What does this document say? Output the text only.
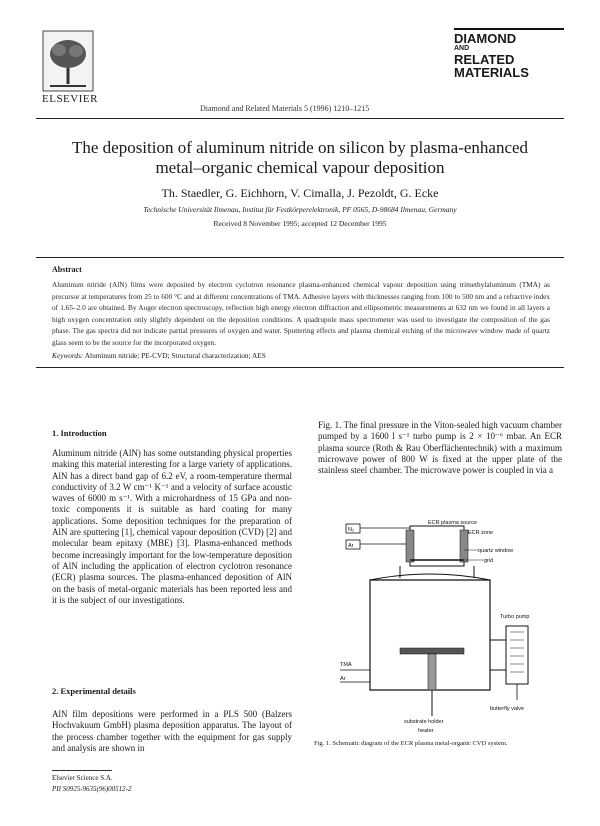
ELSEVIER
Diamond and Related Materials 5 (1996) 1210–1215
DIAMOND
AND
RELATED
MATERIALS
The deposition of aluminum nitride on silicon by plasma-enhanced
metal–organic chemical vapour deposition
Th. Staedler, G. Eichhorn, V. Cimalla, J. Pezoldt, G. Ecke
Technische Universität Ilmenau, Institut für Festkörperelektronik, PF 0565, D-98684 Ilmenau, Germany
Received 8 November 1995; accepted 12 December 1995
Abstract
Aluminum nitride (AlN) films were deposited by electron cyclotron resonance plasma-enhanced chemical vapour deposition using trimethylaluminum (TMA) as precursor at temperatures from 25 to 600 °C and at different concentrations of TMA. Adhesive layers with thicknesses ranging from 100 to 500 nm and a refractive index of 1.65–2.0 are obtained. By Auger electron spectroscopy, reflection high energy electron diffraction and ellipsometric measurements at 632 nm we found in all layers a high oxygen concentration only slightly dependent on the deposition conditions. A quadrupole mass spectrometer was used to investigate the composition of the gas phase. The gas spectra did not indicate partial pressures of oxygen and water. Sputtering effects and plasma chemical etching of the microwave window made of quartz glass seem to be the source for the incorporated oxygen.
Keywords: Aluminum nitride; PE-CVD; Structural characterization; AES
1. Introduction
Aluminum nitride (AlN) has some outstanding physical properties making this material interesting for a large variety of applications. AlN has a direct band gap of 6.2 eV, a room-temperature thermal conductivity of 3.2 W cm⁻¹ K⁻¹ and a velocity of surface acoustic waves of 6000 m s⁻¹. With a microhardness of 15 GPa and non-toxic components it is suitable as hard coating for many applications. Some deposition techniques for the preparation of AlN are sputtering [1], chemical vapour deposition (CVD) [2] and molecular beam epitaxy (MBE) [3]. Plasma-enhanced methods become increasingly important for the low-temperature deposition of AlN including the application of electron cyclotron resonance (ECR) plasma sources. The plasma-enhanced deposition of AlN on the basis of metal-organic materials has been reported less and it is the subject of our investigations.
2. Experimental details
AlN film depositions were performed in a PLS 500 (Balzers Hochvakuum GmbH) plasma deposition apparatus. The layout of the process chamber together with the equipment for gas supply and analysis are shown in
Fig. 1. The final pressure in the Viton-sealed high vacuum chamber pumped by a 1600 l s⁻¹ turbo pump is 2 × 10⁻⁶ mbar. An ECR plasma source (Roth & Rau Oberflächentechnik) with a maximum microwave power of 800 W is fixed at the upper plate of the stainless steel chamber. The microwave power is coupled in via a
N₂
Ar
ECR plasma source
ECR zone
quartz window
grid
substrate holder
heater
TMA
Ar
Turbo pump
butterfly valve
Fig. 1. Schematic diagram of the ECR plasma metal-organic CVD system.
Elsevier Science S.A.
PII S0925-9635(96)00512-2
